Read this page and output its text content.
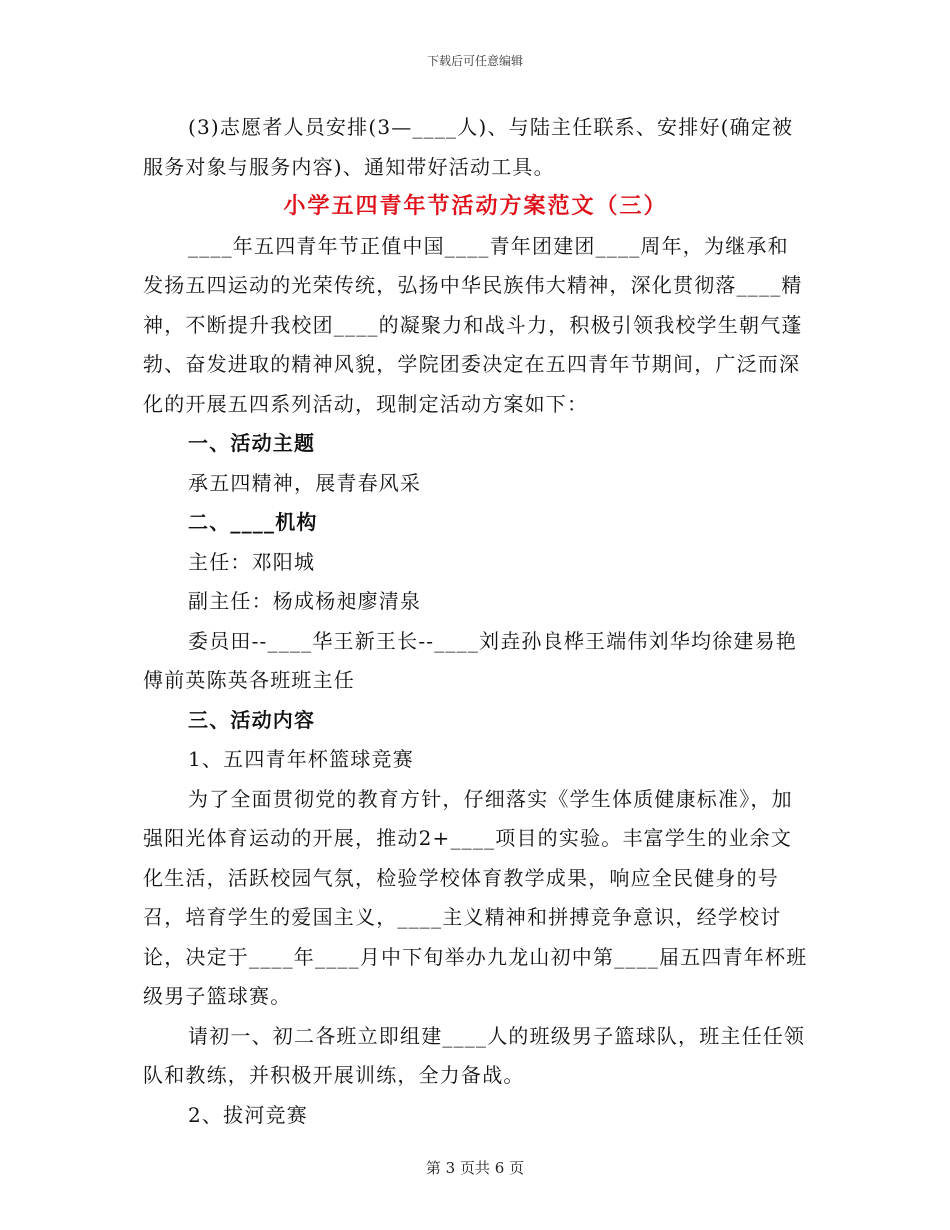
下载后可任意编辑

(3)志愿者人员安排(3—____人)、与陆主任联系、安排好(确定被服务对象与服务内容)、通知带好活动工具。

小学五四青年节活动方案范文（三）

____年五四青年节正值中国____青年团建团____周年，为继承和发扬五四运动的光荣传统，弘扬中华民族伟大精神，深化贯彻落____精神，不断提升我校团____的凝聚力和战斗力，积极引领我校学生朝气蓬勃、奋发进取的精神风貌，学院团委决定在五四青年节期间，广泛而深化的开展五四系列活动，现制定活动方案如下：

一、活动主题

承五四精神，展青春风采

二、____机构

主任：邓阳城

副主任：杨成杨昶廖清泉

委员田--____华王新王长--____刘垚孙良桦王端伟刘华均徐建易艳傅前英陈英各班班主任

三、活动内容

1、五四青年杯篮球竞赛

为了全面贯彻党的教育方针，仔细落实《学生体质健康标准》，加强阳光体育运动的开展，推动2+____项目的实验。丰富学生的业余文化生活，活跃校园气氛，检验学校体育教学成果，响应全民健身的号召，培育学生的爱国主义，____主义精神和拼搏竞争意识，经学校讨论，决定于____年____月中下旬举办九龙山初中第____届五四青年杯班级男子篮球赛。

请初一、初二各班立即组建____人的班级男子篮球队，班主任任领队和教练，并积极开展训练，全力备战。

2、拔河竞赛

第 3 页共 6 页
